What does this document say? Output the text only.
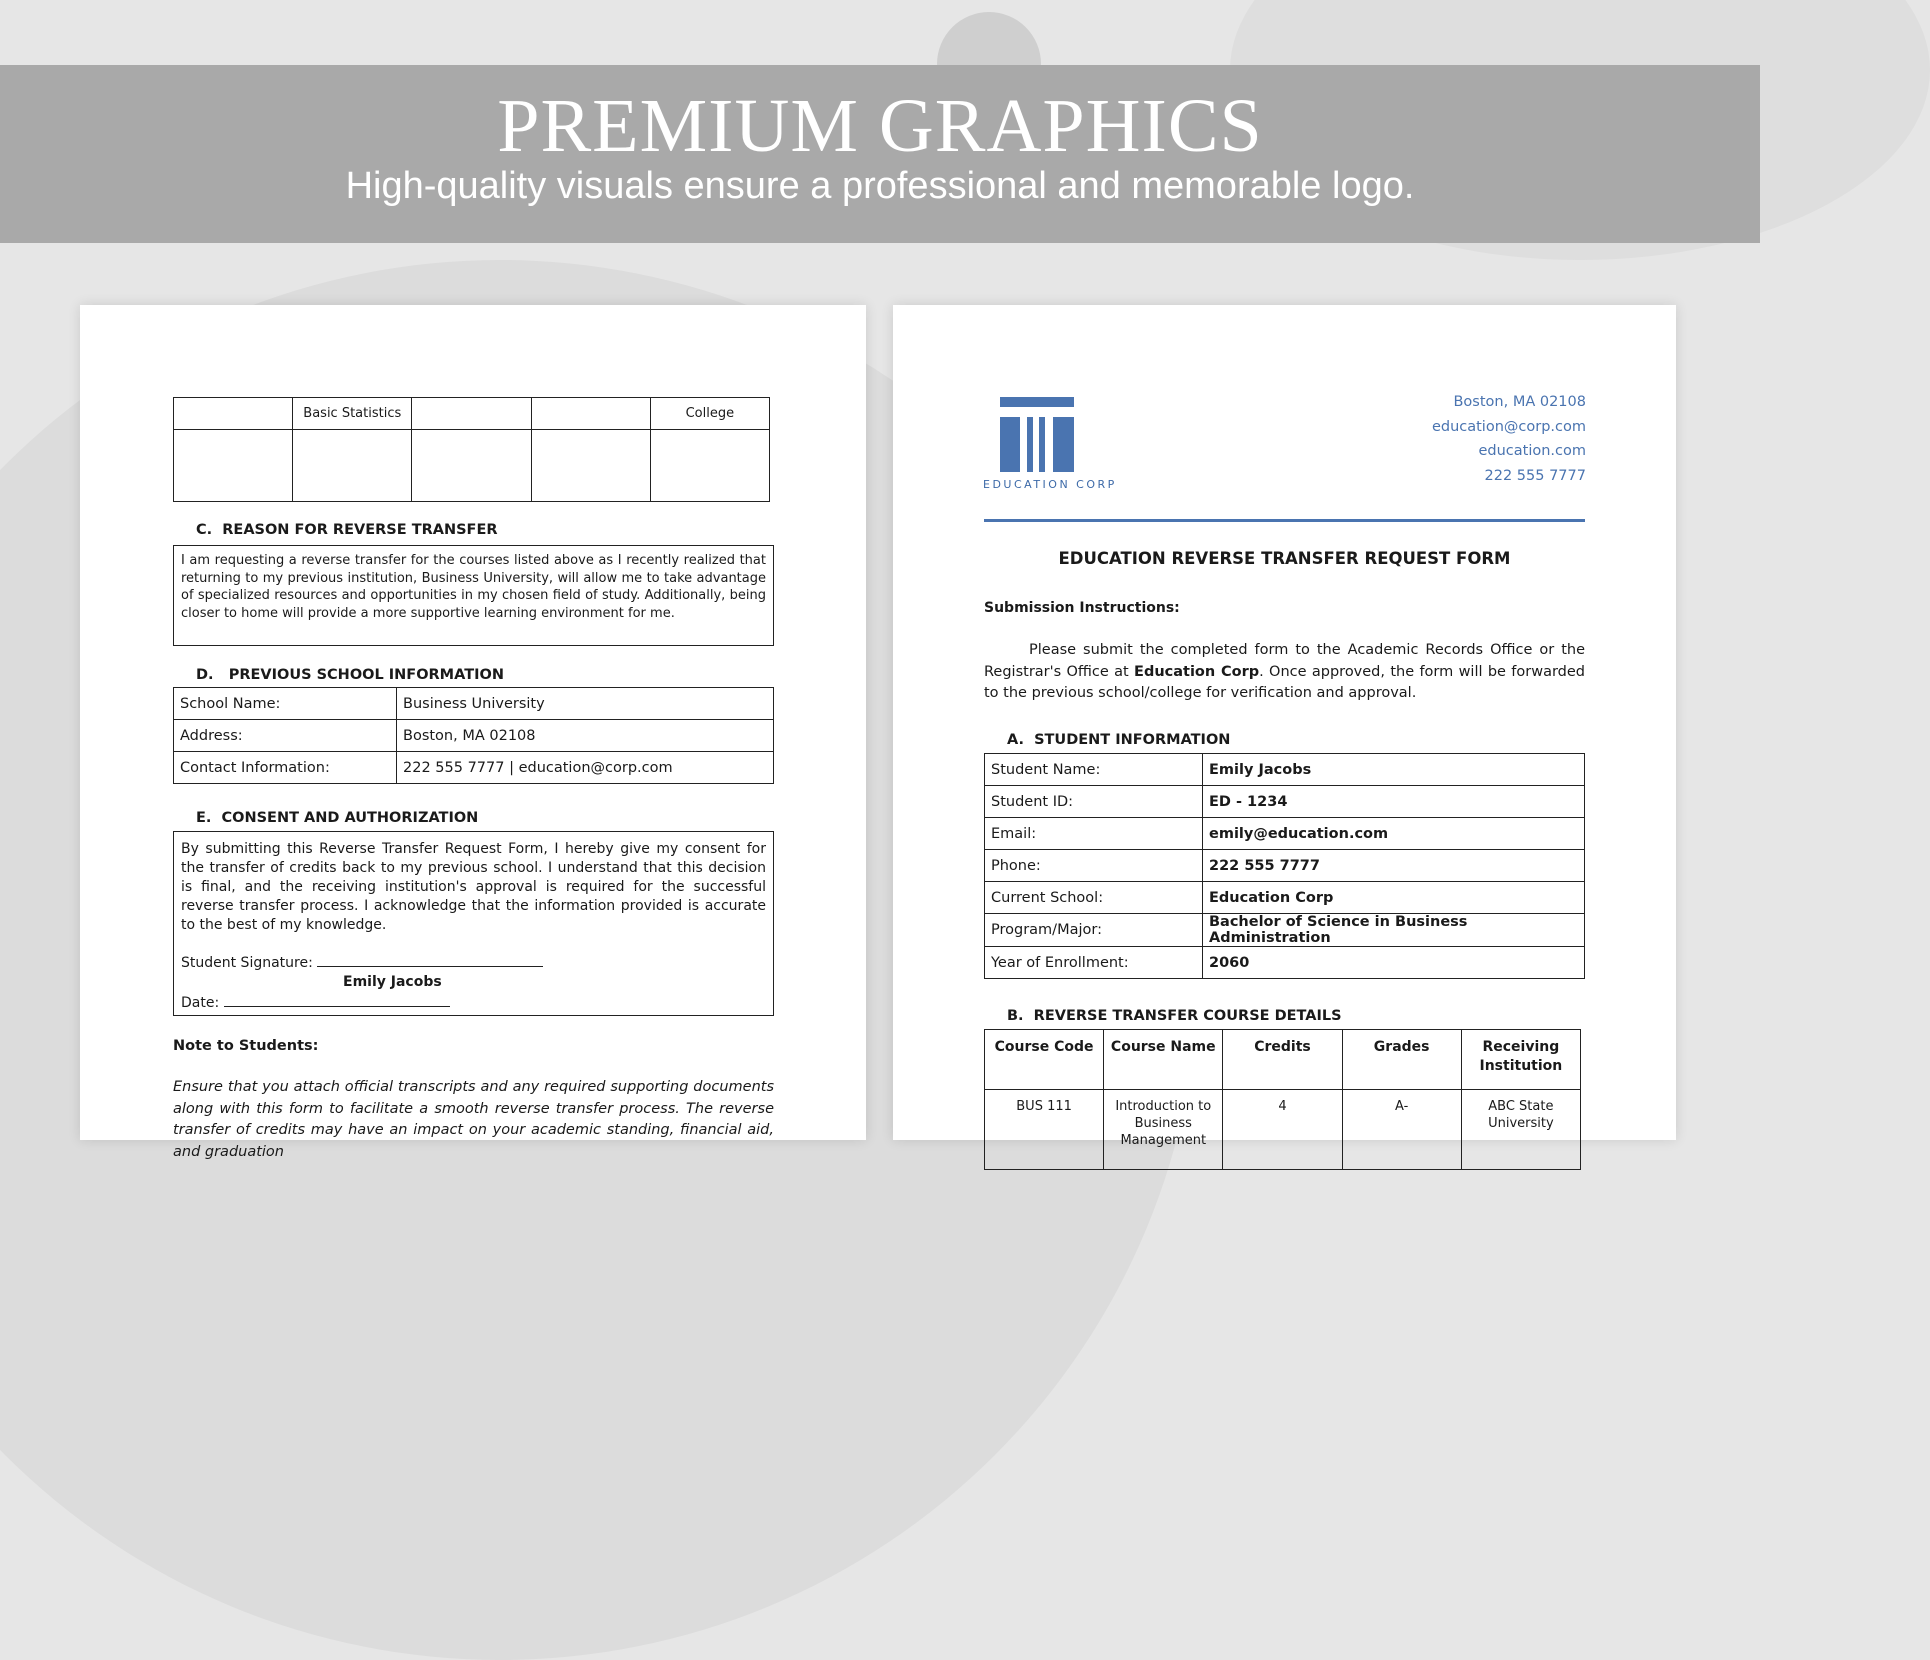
PREMIUM GRAPHICS
High-quality visuals ensure a professional and memorable logo.
	Basic Statistics			College

C.  REASON FOR REVERSE TRANSFER
I am requesting a reverse transfer for the courses listed above as I recently realized that returning to my previous institution, Business University, will allow me to take advantage of specialized resources and opportunities in my chosen field of study. Additionally, being closer to home will provide a more supportive learning environment for me.
D.   PREVIOUS SCHOOL INFORMATION
School Name:	Business University
Address:	Boston, MA 02108
Contact Information:	222 555 7777 | education@corp.com
E.  CONSENT AND AUTHORIZATION
By submitting this Reverse Transfer Request Form, I hereby give my consent for the transfer of credits back to my previous school. I understand that this decision is final, and the receiving institution's approval is required for the successful reverse transfer process. I acknowledge that the information provided is accurate to the best of my knowledge.
Student Signature:
Emily Jacobs
Date:
Note to Students:
Ensure that you attach official transcripts and any required supporting documents along with this form to facilitate a smooth reverse transfer process. The reverse transfer of credits may have an impact on your academic standing, financial aid, and graduation
EDUCATION CORP
Boston, MA 02108
education@corp.com
education.com
222 555 7777
EDUCATION REVERSE TRANSFER REQUEST FORM
Submission Instructions:
Please submit the completed form to the Academic Records Office or the Registrar's Office at Education Corp. Once approved, the form will be forwarded to the previous school/college for verification and approval.
A.  STUDENT INFORMATION
Student Name:	Emily Jacobs
Student ID:	ED - 1234
Email:	emily@education.com
Phone:	222 555 7777
Current School:	Education Corp
Program/Major:	Bachelor of Science in Business Administration
Year of Enrollment:	2060
B.  REVERSE TRANSFER COURSE DETAILS
Course Code	Course Name	Credits	Grades	Receiving Institution
BUS 111	Introduction to Business Management	4	A-	ABC State University
